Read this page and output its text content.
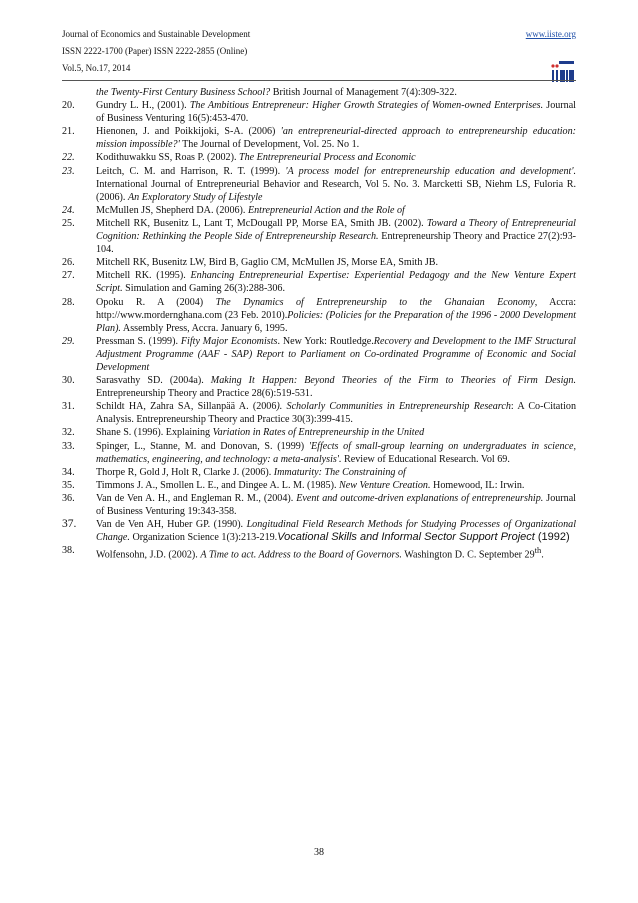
Journal of Economics and Sustainable Development
ISSN 2222-1700 (Paper) ISSN 2222-2855 (Online)
Vol.5, No.17, 2014
www.iiste.org
the Twenty-First Century Business School? British Journal of Management 7(4):309-322.
20.	Gundry L. H., (2001). The Ambitious Entrepreneur: Higher Growth Strategies of Women-owned Enterprises. Journal of Business Venturing 16(5):453-470.
21.	Hienonen, J. and Poikkijoki, S-A. (2006) 'an entrepreneurial-directed approach to entrepreneurship education: mission impossible?' The Journal of Development, Vol. 25. No 1.
22.	Kodithuwakku SS, Roas P. (2002). The Entrepreneurial Process and Economic
23.	Leitch, C. M. and Harrison, R. T. (1999). 'A process model for entrepreneurship education and development'. International Journal of Entrepreneurial Behavior and Research, Vol 5. No. 3. Marcketti SB, Niehm LS, Fuloria R. (2006). An Exploratory Study of Lifestyle
24.	McMullen JS, Shepherd DA. (2006). Entrepreneurial Action and the Role of
25.	Mitchell RK, Busenitz L, Lant T, McDougall PP, Morse EA, Smith JB. (2002). Toward a Theory of Entrepreneurial Cognition: Rethinking the People Side of Entrepreneurship Research. Entrepreneurship Theory and Practice 27(2):93-104.
26.	Mitchell RK, Busenitz LW, Bird B, Gaglio CM, McMullen JS, Morse EA, Smith JB.
27.	Mitchell RK. (1995). Enhancing Entrepreneurial Expertise: Experiential Pedagogy and the New Venture Expert Script. Simulation and Gaming 26(3):288-306.
28.	Opoku R. A (2004) The Dynamics of Entrepreneurship to the Ghanaian Economy, Accra: http://www.mordernghana.com (23 Feb. 2010).Policies: (Policies for the Preparation of the 1996 - 2000 Development Plan). Assembly Press, Accra. January 6, 1995.
29.	Pressman S. (1999). Fifty Major Economists. New York: Routledge.Recovery and Development to the IMF Structural Adjustment Programme (AAF - SAP) Report to Parliament on Co-ordinated Programme of Economic and Social Development
30.	Sarasvathy SD. (2004a). Making It Happen: Beyond Theories of the Firm to Theories of Firm Design. Entrepreneurship Theory and Practice 28(6):519-531.
31.	Schildt HA, Zahra SA, Sillanpää A. (2006). Scholarly Communities in Entrepreneurship Research: A Co-Citation Analysis. Entrepreneurship Theory and Practice 30(3):399-415.
32.	Shane S. (1996). Explaining Variation in Rates of Entrepreneurship in the United
33.	Spinger, L., Stanne, M. and Donovan, S. (1999) 'Effects of small-group learning on undergraduates in science, mathematics, engineering, and technology: a meta-analysis'. Review of Educational Research. Vol 69.
34.	Thorpe R, Gold J, Holt R, Clarke J. (2006). Immaturity: The Constraining of
35.	Timmons J. A., Smollen L. E., and Dingee A. L. M. (1985). New Venture Creation. Homewood, IL: Irwin.
36.	Van de Ven A. H., and Engleman R. M., (2004). Event and outcome-driven explanations of entrepreneurship. Journal of Business Venturing 19:343-358.
37.	Van de Ven AH, Huber GP. (1990). Longitudinal Field Research Methods for Studying Processes of Organizational Change. Organization Science 1(3):213-219.Vocational Skills and Informal Sector Support Project (1992)
38.	Wolfensohn, J.D. (2002). A Time to act. Address to the Board of Governors. Washington D. C. September 29th.
38
